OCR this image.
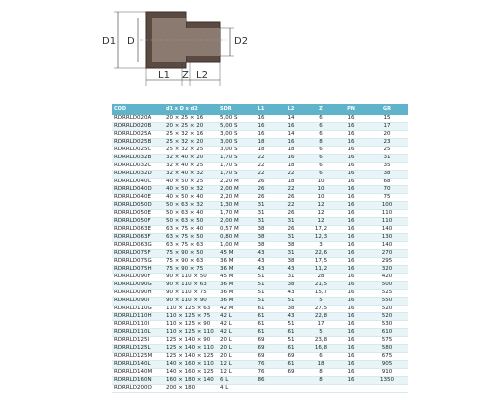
D1 D	D2
L1 Z L2
COD	d1 x D x d2	SDR	L1	L2	Z	PN	GR
RDRRLD020A	20 × 25 × 16	5,00 S	16	14	6	16	15
RDRRLD020B	20 × 25 × 20	5,00 S	16	16	6	16	17
RDRRLD025A	25 × 32 × 16	3,00 S	16	14	6	16	20
RDRRLD025B	25 × 32 × 20	3,00 S	18	16	8	16	23
RDRRLD025C	25 × 32 × 25	3,00 S	18	18	6	16	25
RDRRLD032B	32 × 40 × 20	1,70 S	22	16	6	16	31
RDRRLD032C	32 × 40 × 25	1,70 S	22	18	6	16	35
RDRRLD032D	32 × 40 × 32	1,70 S	22	22	6	16	38
RDRRLD040C	40 × 50 × 25	2,20 M	26	18	10	16	68
RDRRLD040D	40 × 50 × 32	2,00 M	26	22	10	16	70
RDRRLD040E	40 × 50 × 40	2,20 M	26	26	10	16	75
RDRRLD050D	50 × 63 × 32	1,30 M	31	22	12	16	100
RDRRLD050E	50 × 63 × 40	1,70 M	31	26	12	16	110
RDRRLD050F	50 × 63 × 50	2,00 M	31	31	12	16	110
RDRRLD063E	63 × 75 × 40	0,57 M	38	26	17,2	16	140
RDRRLD063F	63 × 75 × 50	0,80 M	38	31	12,3	16	130
RDRRLD063G	63 × 75 × 63	1,00 M	38	38	3	16	140
RDRRLD075F	75 × 90 × 50	45 M	43	31	22,6	16	270
RDRRLD075G	75 × 90 × 63	36 M	43	38	17,5	16	295
RDRRLD075H	75 × 90 × 75	36 M	43	43	11,2	16	320
RDRRLD090F	90 × 110 × 50	45 M	51	31	28	16	420
RDRRLD090G	90 × 110 × 63	36 M	51	38	21,5	16	500
RDRRLD090H	90 × 110 × 75	36 M	51	43	15,7	16	525
RDRRLD090I	90 × 110 × 90	36 M	51	51	5	16	550
RDRRLD110G	110 × 125 × 63	42 M	61	38	27,5	16	520
RDRRLD110H	110 × 125 × 75	42 L	61	43	22,8	16	520
RDRRLD110I	110 × 125 × 90	42 L	61	51	17	16	530
RDRRLD110L	110 × 125 × 110	42 L	61	61	5	16	610
RDRRLD125I	125 × 140 × 90	20 L	69	51	23,8	16	575
RDRRLD125L	125 × 140 × 110	20 L	69	61	16,8	16	580
RDRRLD125M	125 × 140 × 125	20 L	69	69	6	16	675
RDRRLD140L	140 × 160 × 110	12 L	76	61	18	16	905
RDRRLD140M	140 × 160 × 125	12 L	76	69	8	16	910
RDRRLD160N	160 × 180 × 140	6 L	86		8	16	1350
RDRRLD200O	200 × 180	4 L					
